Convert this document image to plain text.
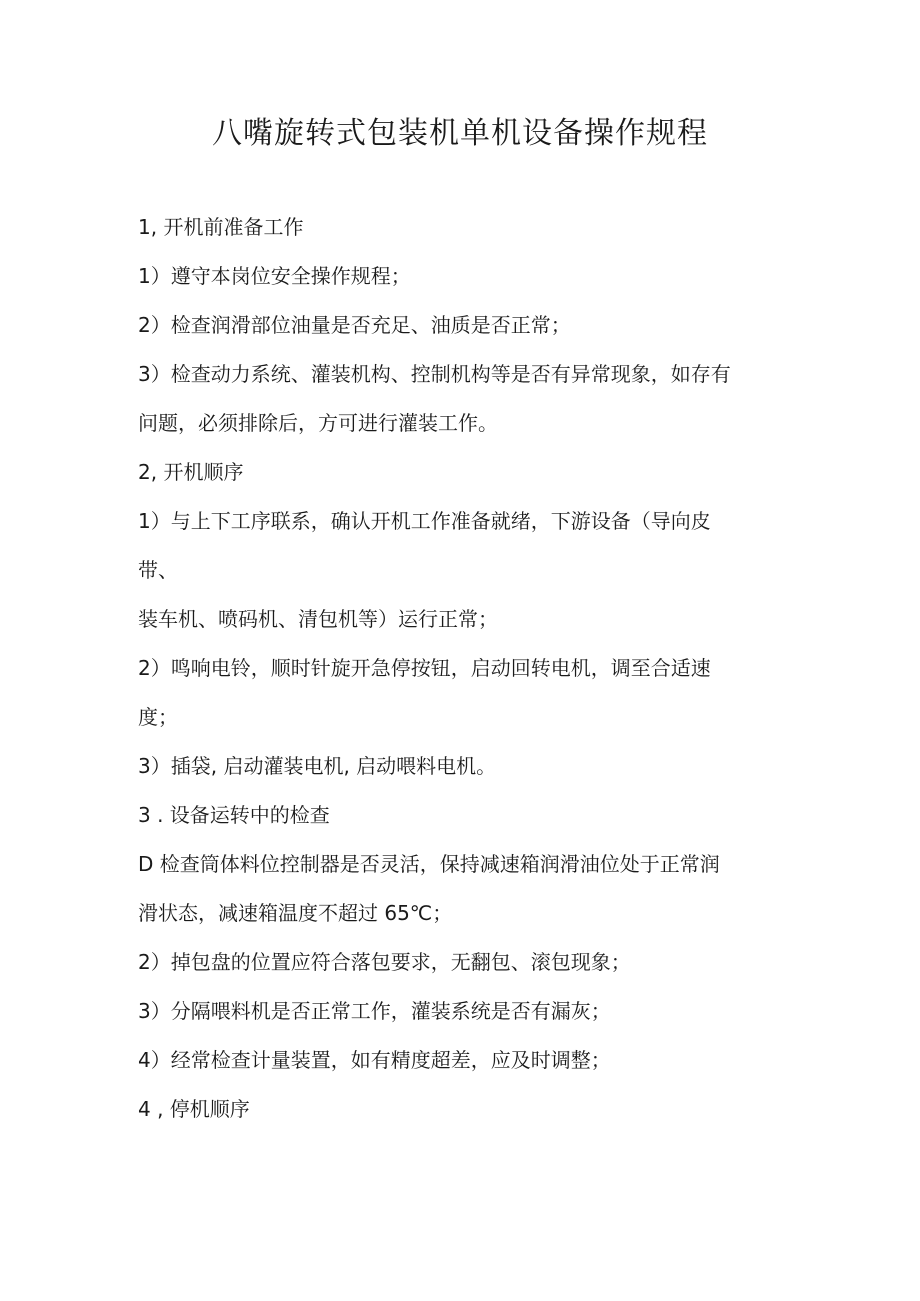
八嘴旋转式包装机单机设备操作规程

1, 开机前准备工作

1）遵守本岗位安全操作规程；

2）检查润滑部位油量是否充足、油质是否正常；

3）检查动力系统、灌装机构、控制机构等是否有异常现象，如存有

问题，必须排除后，方可进行灌装工作。

2, 开机顺序

1）与上下工序联系，确认开机工作准备就绪，下游设备（导向皮

带、

装车机、喷码机、清包机等）运行正常；

2）鸣响电铃，顺时针旋开急停按钮，启动回转电机，调至合适速

度；

3）插袋, 启动灌装电机, 启动喂料电机。

3 . 设备运转中的检查

D 检查筒体料位控制器是否灵活，保持减速箱润滑油位处于正常润

滑状态，减速箱温度不超过 65℃；

2）掉包盘的位置应符合落包要求，无翻包、滚包现象；

3）分隔喂料机是否正常工作，灌装系统是否有漏灰；

4）经常检查计量装置，如有精度超差，应及时调整；

4 , 停机顺序
